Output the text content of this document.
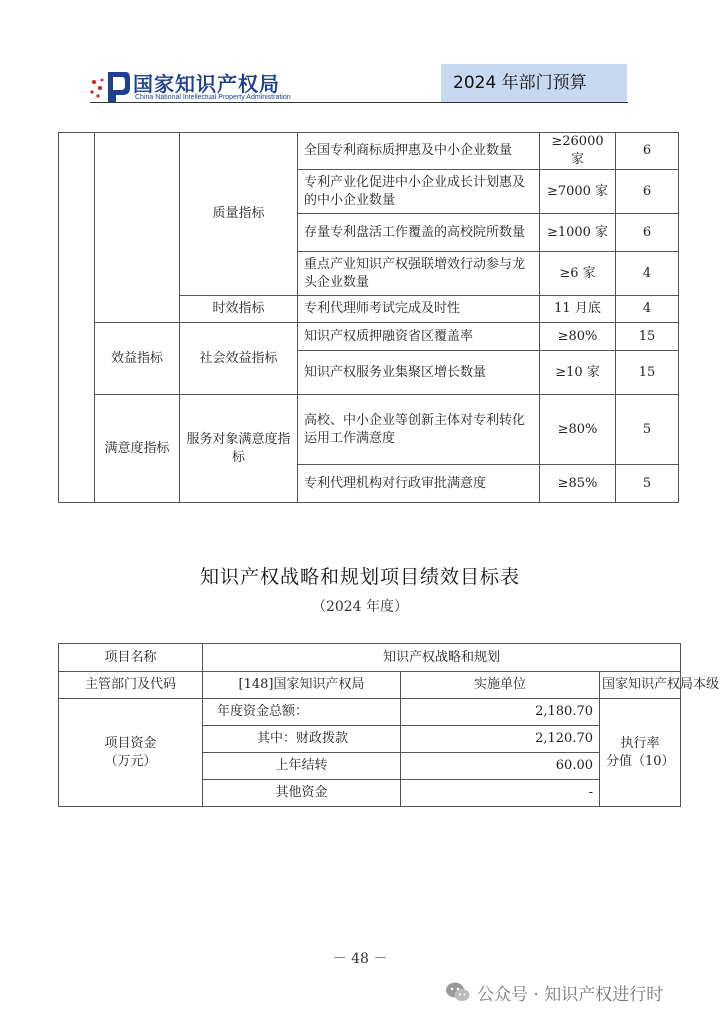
国家知识产权局
China National Intellectual Property Administration
2024 年部门预算
		质量指标	全国专利商标质押惠及中小企业数量	≥26000 家	6
			专利产业化促进中小企业成长计划惠及的中小企业数量	≥7000 家	6
			存量专利盘活工作覆盖的高校院所数量	≥1000 家	6
			重点产业知识产权强联增效行动参与龙头企业数量	≥6 家	4
		时效指标	专利代理师考试完成及时性	11 月底	4
	效益指标	社会效益指标	知识产权质押融资省区覆盖率	≥80%	15
			知识产权服务业集聚区增长数量	≥10 家	15
	满意度指标	服务对象满意度指标	高校、中小企业等创新主体对专利转化运用工作满意度	≥80%	5
			专利代理机构对行政审批满意度	≥85%	5
知识产权战略和规划项目绩效目标表
（2024 年度）
项目名称	知识产权战略和规划		
主管部门及代码	[148]国家知识产权局	实施单位	国家知识产权局本级
项目资金
（万元）	年度资金总额：	2,180.70	执行率
分值（10）
	其中：财政拨款	2,120.70	
	上年结转	60.00	
	其他资金	-	
－ 48 －
公众号 · 知识产权进行时
